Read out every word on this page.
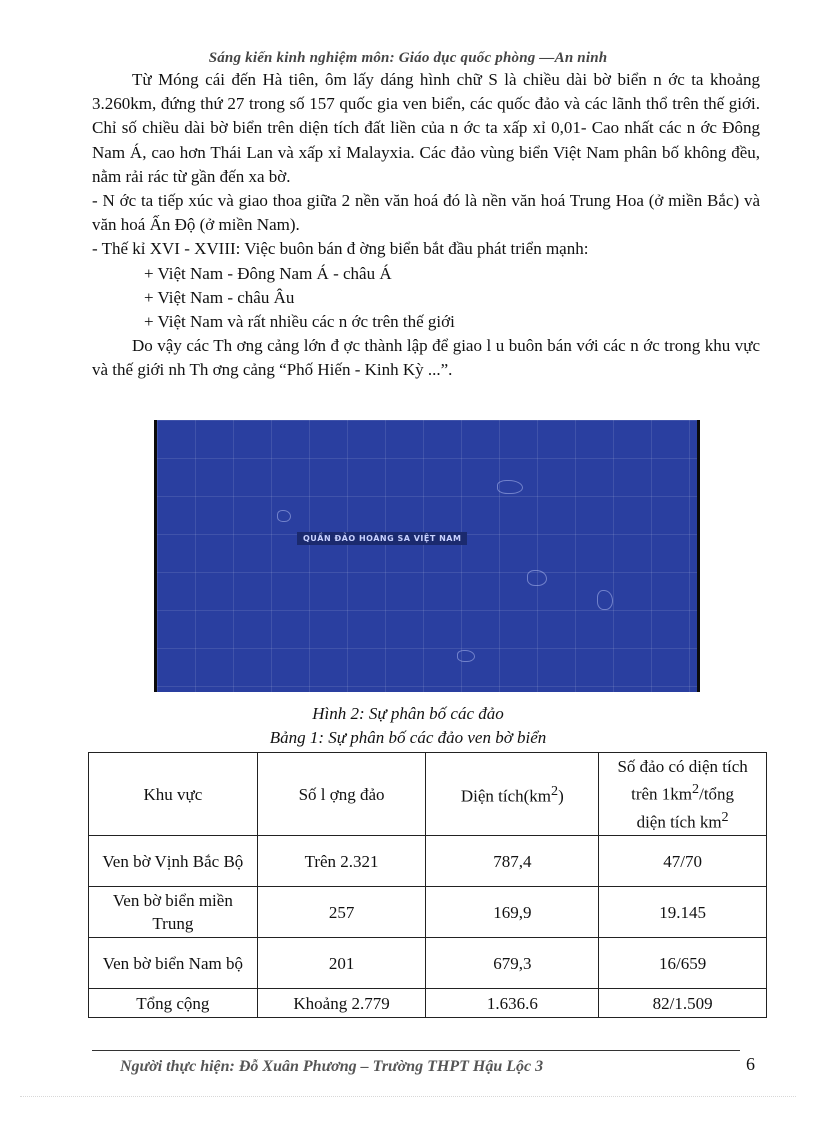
Sáng kiến kinh nghiệm môn: Giáo dục quốc phòng —An ninh

Từ Móng cái đến Hà tiên, ôm lấy dáng hình chữ S là chiều dài bờ biển n ớc ta khoảng 3.260km, đứng thứ 27 trong số 157 quốc gia ven biển, các quốc đảo và các lãnh thổ trên thế giới. Chỉ số chiều dài bờ biển trên diện tích đất liền của n ớc ta xấp xỉ 0,01- Cao nhất các n ớc Đông Nam Á, cao hơn Thái Lan và xấp xỉ Malayxia. Các đảo vùng biển Việt Nam phân bố không đều, nằm rải rác từ gần đến xa bờ.

- N ớc ta tiếp xúc và giao thoa giữa 2 nền văn hoá đó là nền văn hoá Trung Hoa (ở miền Bắc) và văn hoá Ấn Độ (ở miền Nam).

- Thế kỉ XVI - XVIII: Việc buôn bán đ ờng biển bắt đầu phát triển mạnh:

+ Việt Nam - Đông Nam Á - châu Á

+ Việt Nam - châu Âu

+ Việt Nam và rất nhiều các n ớc trên thế giới

Do vậy các Th ơng cảng lớn đ ợc thành lập để giao l u buôn bán với các n ớc trong khu vực và thế giới nh Th ơng cảng “Phố Hiến - Kinh Kỳ ...”.

QUẦN ĐẢO HOÀNG SA VIỆT NAM
Hình 2: Sự phân bố các đảo
Bảng 1: Sự phân bố các đảo ven bờ biển
Khu vực	Số l ợng đảo	Diện $tích(km^2)$	Số đảo có diện tích
trên $1km^2$/tổng
diện tích $km^2$
Ven bờ Vịnh Bắc Bộ	Trên 2.321	787,4	47/70
Ven bờ biển miền Trung	257	169,9	19.145
Ven bờ biển Nam bộ	201	679,3	16/659
Tổng cộng	Khoảng 2.779	1.636.6	82/1.509
Người thực hiện: Đỗ Xuân Phương – Trường THPT Hậu Lộc 3	6
